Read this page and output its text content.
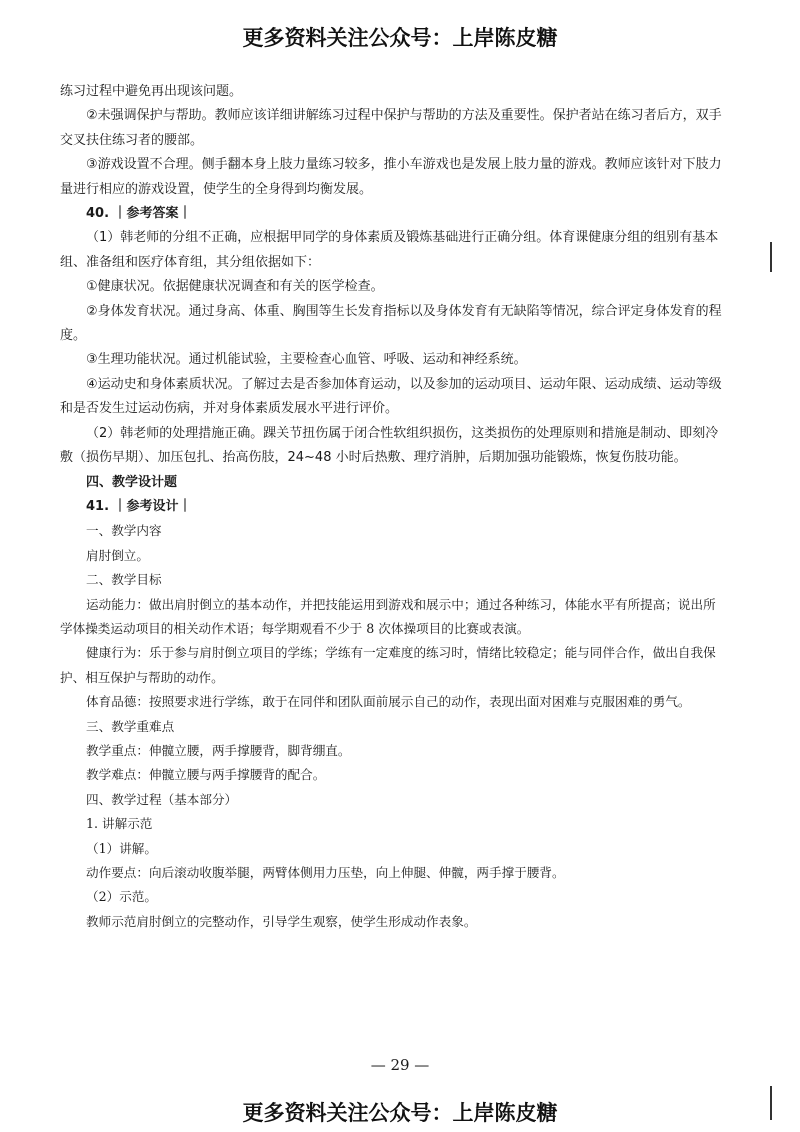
更多资料关注公众号：上岸陈皮糖

练习过程中避免再出现该问题。

②未强调保护与帮助。教师应该详细讲解练习过程中保护与帮助的方法及重要性。保护者站在练习者后方，双手交叉扶住练习者的腰部。

③游戏设置不合理。侧手翻本身上肢力量练习较多，推小车游戏也是发展上肢力量的游戏。教师应该针对下肢力量进行相应的游戏设置，使学生的全身得到均衡发展。

40. ｜参考答案｜

（1）韩老师的分组不正确，应根据甲同学的身体素质及锻炼基础进行正确分组。体育课健康分组的组别有基本组、准备组和医疗体育组，其分组依据如下：

①健康状况。依据健康状况调查和有关的医学检查。

②身体发育状况。通过身高、体重、胸围等生长发育指标以及身体发育有无缺陷等情况，综合评定身体发育的程度。

③生理功能状况。通过机能试验，主要检查心血管、呼吸、运动和神经系统。

④运动史和身体素质状况。了解过去是否参加体育运动，以及参加的运动项目、运动年限、运动成绩、运动等级和是否发生过运动伤病，并对身体素质发展水平进行评价。

（2）韩老师的处理措施正确。踝关节扭伤属于闭合性软组织损伤，这类损伤的处理原则和措施是制动、即刻冷敷（损伤早期）、加压包扎、抬高伤肢，24~48 小时后热敷、理疗消肿，后期加强功能锻炼，恢复伤肢功能。

四、教学设计题

41. ｜参考设计｜

一、教学内容

肩肘倒立。

二、教学目标

运动能力：做出肩肘倒立的基本动作，并把技能运用到游戏和展示中；通过各种练习，体能水平有所提高；说出所学体操类运动项目的相关动作术语；每学期观看不少于 8 次体操项目的比赛或表演。

健康行为：乐于参与肩肘倒立项目的学练；学练有一定难度的练习时，情绪比较稳定；能与同伴合作，做出自我保护、相互保护与帮助的动作。

体育品德：按照要求进行学练，敢于在同伴和团队面前展示自己的动作，表现出面对困难与克服困难的勇气。

三、教学重难点

教学重点：伸髋立腰，两手撑腰背，脚背绷直。

教学难点：伸髋立腰与两手撑腰背的配合。

四、教学过程（基本部分）

1. 讲解示范

（1）讲解。

动作要点：向后滚动收腹举腿，两臂体侧用力压垫，向上伸腿、伸髋，两手撑于腰背。

（2）示范。

教师示范肩肘倒立的完整动作，引导学生观察，使学生形成动作表象。

— 29 —
更多资料关注公众号：上岸陈皮糖
